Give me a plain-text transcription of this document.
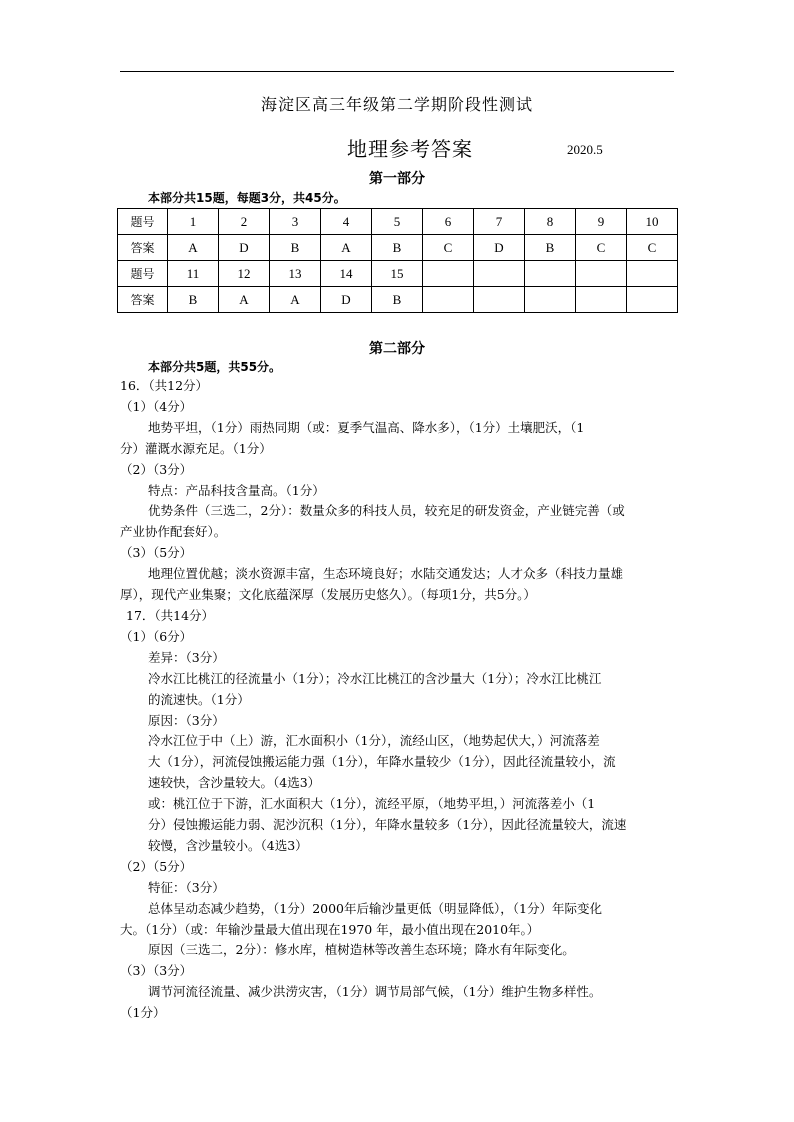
海淀区高三年级第二学期阶段性测试
地理参考答案	2020.5
第一部分
本部分共15题，每题3分，共45分。
题号	1	2	3	4	5	6	7	8	9	10
答案	A	D	B	A	B	C	D	B	C	C
题号	11	12	13	14	15					
答案	B	A	A	D	B					
第二部分
本部分共5题，共55分。
16．（共12分）
（1）（4分）
地势平坦，（1分）雨热同期（或：夏季气温高、降水多），（1分）土壤肥沃，（1
分）灌溉水源充足。（1分）
（2）（3分）
特点：产品科技含量高。（1分）
优势条件（三选二，2分）：数量众多的科技人员，较充足的研发资金，产业链完善（或
产业协作配套好）。
（3）（5分）
地理位置优越；淡水资源丰富，生态环境良好；水陆交通发达；人才众多（科技力量雄
厚），现代产业集聚；文化底蕴深厚（发展历史悠久）。（每项1分，共5分。）
17．（共14分）
（1）（6分）
差异：（3分）
冷水江比桃江的径流量小（1分）；冷水江比桃江的含沙量大（1分）；冷水江比桃江
的流速快。（1分）
原因：（3分）
冷水江位于中（上）游，汇水面积小（1分），流经山区，（地势起伏大，）河流落差
大（1分），河流侵蚀搬运能力强（1分），年降水量较少（1分），因此径流量较小，流
速较快，含沙量较大。（4选3）
或：桃江位于下游，汇水面积大（1分），流经平原，（地势平坦，）河流落差小（1
分）侵蚀搬运能力弱、泥沙沉积（1分），年降水量较多（1分），因此径流量较大，流速
较慢，含沙量较小。（4选3）
（2）（5分）
特征：（3分）
总体呈动态减少趋势，（1分）2000年后输沙量更低（明显降低），（1分）年际变化
大。（1分）（或：年输沙量最大值出现在1970 年，最小值出现在2010年。）
原因（三选二，2分）：修水库，植树造林等改善生态环境；降水有年际变化。
（3）（3分）
调节河流径流量、减少洪涝灾害，（1分）调节局部气候，（1分）维护生物多样性。
（1分）
